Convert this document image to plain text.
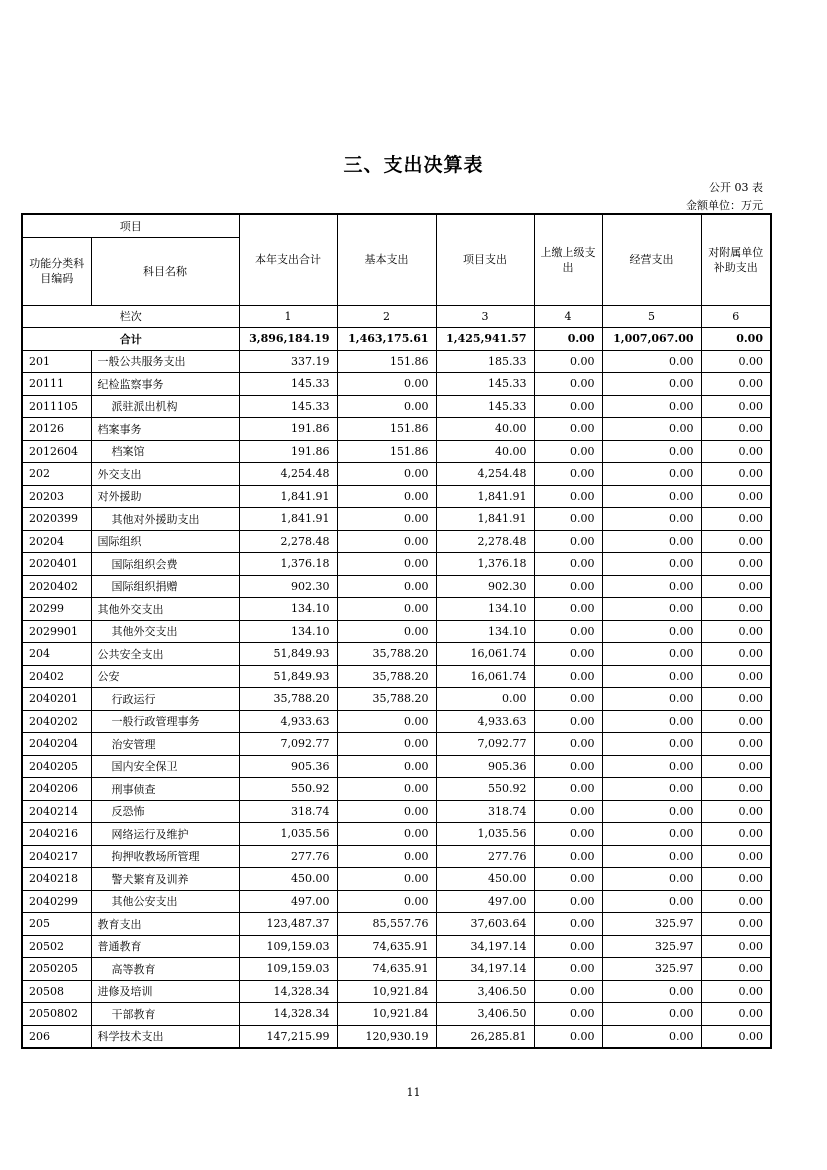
三、支出决算表
公开 03 表
金额单位：万元
项目		本年支出合计	基本支出	项目支出	上缴上级支出	经营支出	对附属单位补助支出
功能分类科目编码	科目名称						
栏次		1	2	3	4	5	6
合计		3,896,184.19	1,463,175.61	1,425,941.57	0.00	1,007,067.00	0.00
201	一般公共服务支出	337.19	151.86	185.33	0.00	0.00	0.00
20111	纪检监察事务	145.33	0.00	145.33	0.00	0.00	0.00
2011105	派驻派出机构	145.33	0.00	145.33	0.00	0.00	0.00
20126	档案事务	191.86	151.86	40.00	0.00	0.00	0.00
2012604	档案馆	191.86	151.86	40.00	0.00	0.00	0.00
202	外交支出	4,254.48	0.00	4,254.48	0.00	0.00	0.00
20203	对外援助	1,841.91	0.00	1,841.91	0.00	0.00	0.00
2020399	其他对外援助支出	1,841.91	0.00	1,841.91	0.00	0.00	0.00
20204	国际组织	2,278.48	0.00	2,278.48	0.00	0.00	0.00
2020401	国际组织会费	1,376.18	0.00	1,376.18	0.00	0.00	0.00
2020402	国际组织捐赠	902.30	0.00	902.30	0.00	0.00	0.00
20299	其他外交支出	134.10	0.00	134.10	0.00	0.00	0.00
2029901	其他外交支出	134.10	0.00	134.10	0.00	0.00	0.00
204	公共安全支出	51,849.93	35,788.20	16,061.74	0.00	0.00	0.00
20402	公安	51,849.93	35,788.20	16,061.74	0.00	0.00	0.00
2040201	行政运行	35,788.20	35,788.20	0.00	0.00	0.00	0.00
2040202	一般行政管理事务	4,933.63	0.00	4,933.63	0.00	0.00	0.00
2040204	治安管理	7,092.77	0.00	7,092.77	0.00	0.00	0.00
2040205	国内安全保卫	905.36	0.00	905.36	0.00	0.00	0.00
2040206	刑事侦查	550.92	0.00	550.92	0.00	0.00	0.00
2040214	反恐怖	318.74	0.00	318.74	0.00	0.00	0.00
2040216	网络运行及维护	1,035.56	0.00	1,035.56	0.00	0.00	0.00
2040217	拘押收教场所管理	277.76	0.00	277.76	0.00	0.00	0.00
2040218	警犬繁育及训养	450.00	0.00	450.00	0.00	0.00	0.00
2040299	其他公安支出	497.00	0.00	497.00	0.00	0.00	0.00
205	教育支出	123,487.37	85,557.76	37,603.64	0.00	325.97	0.00
20502	普通教育	109,159.03	74,635.91	34,197.14	0.00	325.97	0.00
2050205	高等教育	109,159.03	74,635.91	34,197.14	0.00	325.97	0.00
20508	进修及培训	14,328.34	10,921.84	3,406.50	0.00	0.00	0.00
2050802	干部教育	14,328.34	10,921.84	3,406.50	0.00	0.00	0.00
206	科学技术支出	147,215.99	120,930.19	26,285.81	0.00	0.00	0.00
11
